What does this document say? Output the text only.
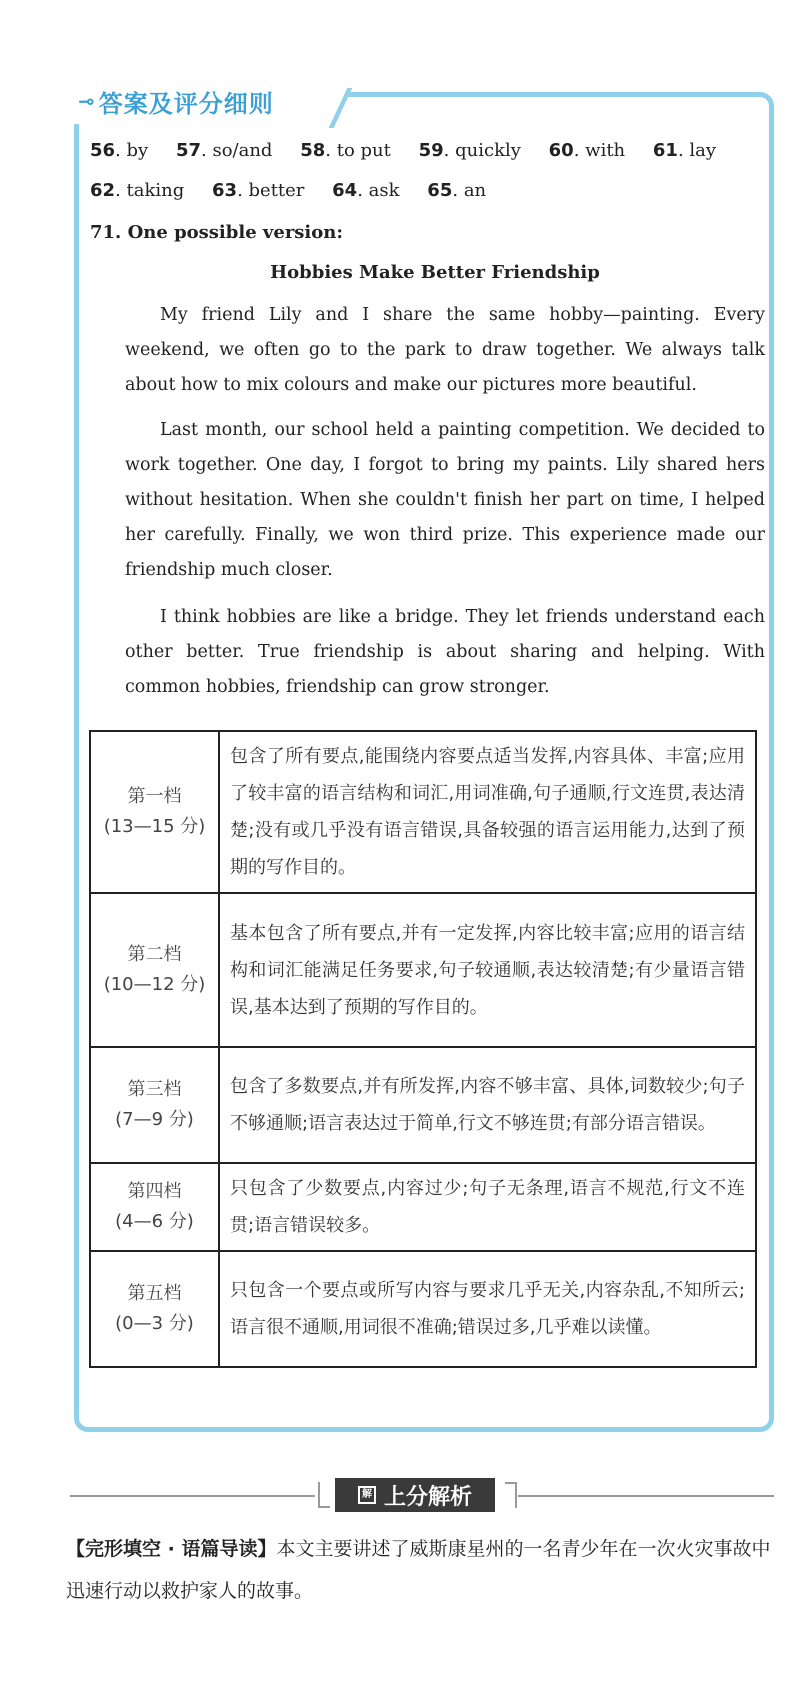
⊸ 答案及评分细则
56. by 57. so/and 58. to put 59. quickly 60. with 61. lay
62. taking 63. better 64. ask 65. an
71. One possible version:
Hobbies Make Better Friendship

My friend Lily and I share the same hobby—painting. Every weekend, we often go to the park to draw together. We always talk about how to mix colours and make our pictures more beautiful.

Last month, our school held a painting competition. We decided to work together. One day, I forgot to bring my paints. Lily shared hers without hesitation. When she couldn't finish her part on time, I helped her carefully. Finally, we won third prize. This experience made our friendship much closer.

I think hobbies are like a bridge. They let friends understand each other better. True friendship is about sharing and helping. With common hobbies, friendship can grow stronger.

第一档
(13—15 分)	包含了所有要点,能围绕内容要点适当发挥,内容具体、丰富;应用了较丰富的语言结构和词汇,用词准确,句子通顺,行文连贯,表达清楚;没有或几乎没有语言错误,具备较强的语言运用能力,达到了预期的写作目的。

第二档
(10—12 分)	基本包含了所有要点,并有一定发挥,内容比较丰富;应用的语言结构和词汇能满足任务要求,句子较通顺,表达较清楚;有少量语言错误,基本达到了预期的写作目的。

第三档
(7—9 分)	包含了多数要点,并有所发挥,内容不够丰富、具体,词数较少;句子不够通顺;语言表达过于简单,行文不够连贯;有部分语言错误。

第四档
(4—6 分)	只包含了少数要点,内容过少;句子无条理,语言不规范,行文不连贯;语言错误较多。

第五档
(0—3 分)	只包含一个要点或所写内容与要求几乎无关,内容杂乱,不知所云;语言很不通顺,用词很不准确;错误过多,几乎难以读懂。
解 上分解析
【完形填空 · 语篇导读】本文主要讲述了威斯康星州的一名青少年在一次火灾事故中迅速行动以救护家人的故事。
